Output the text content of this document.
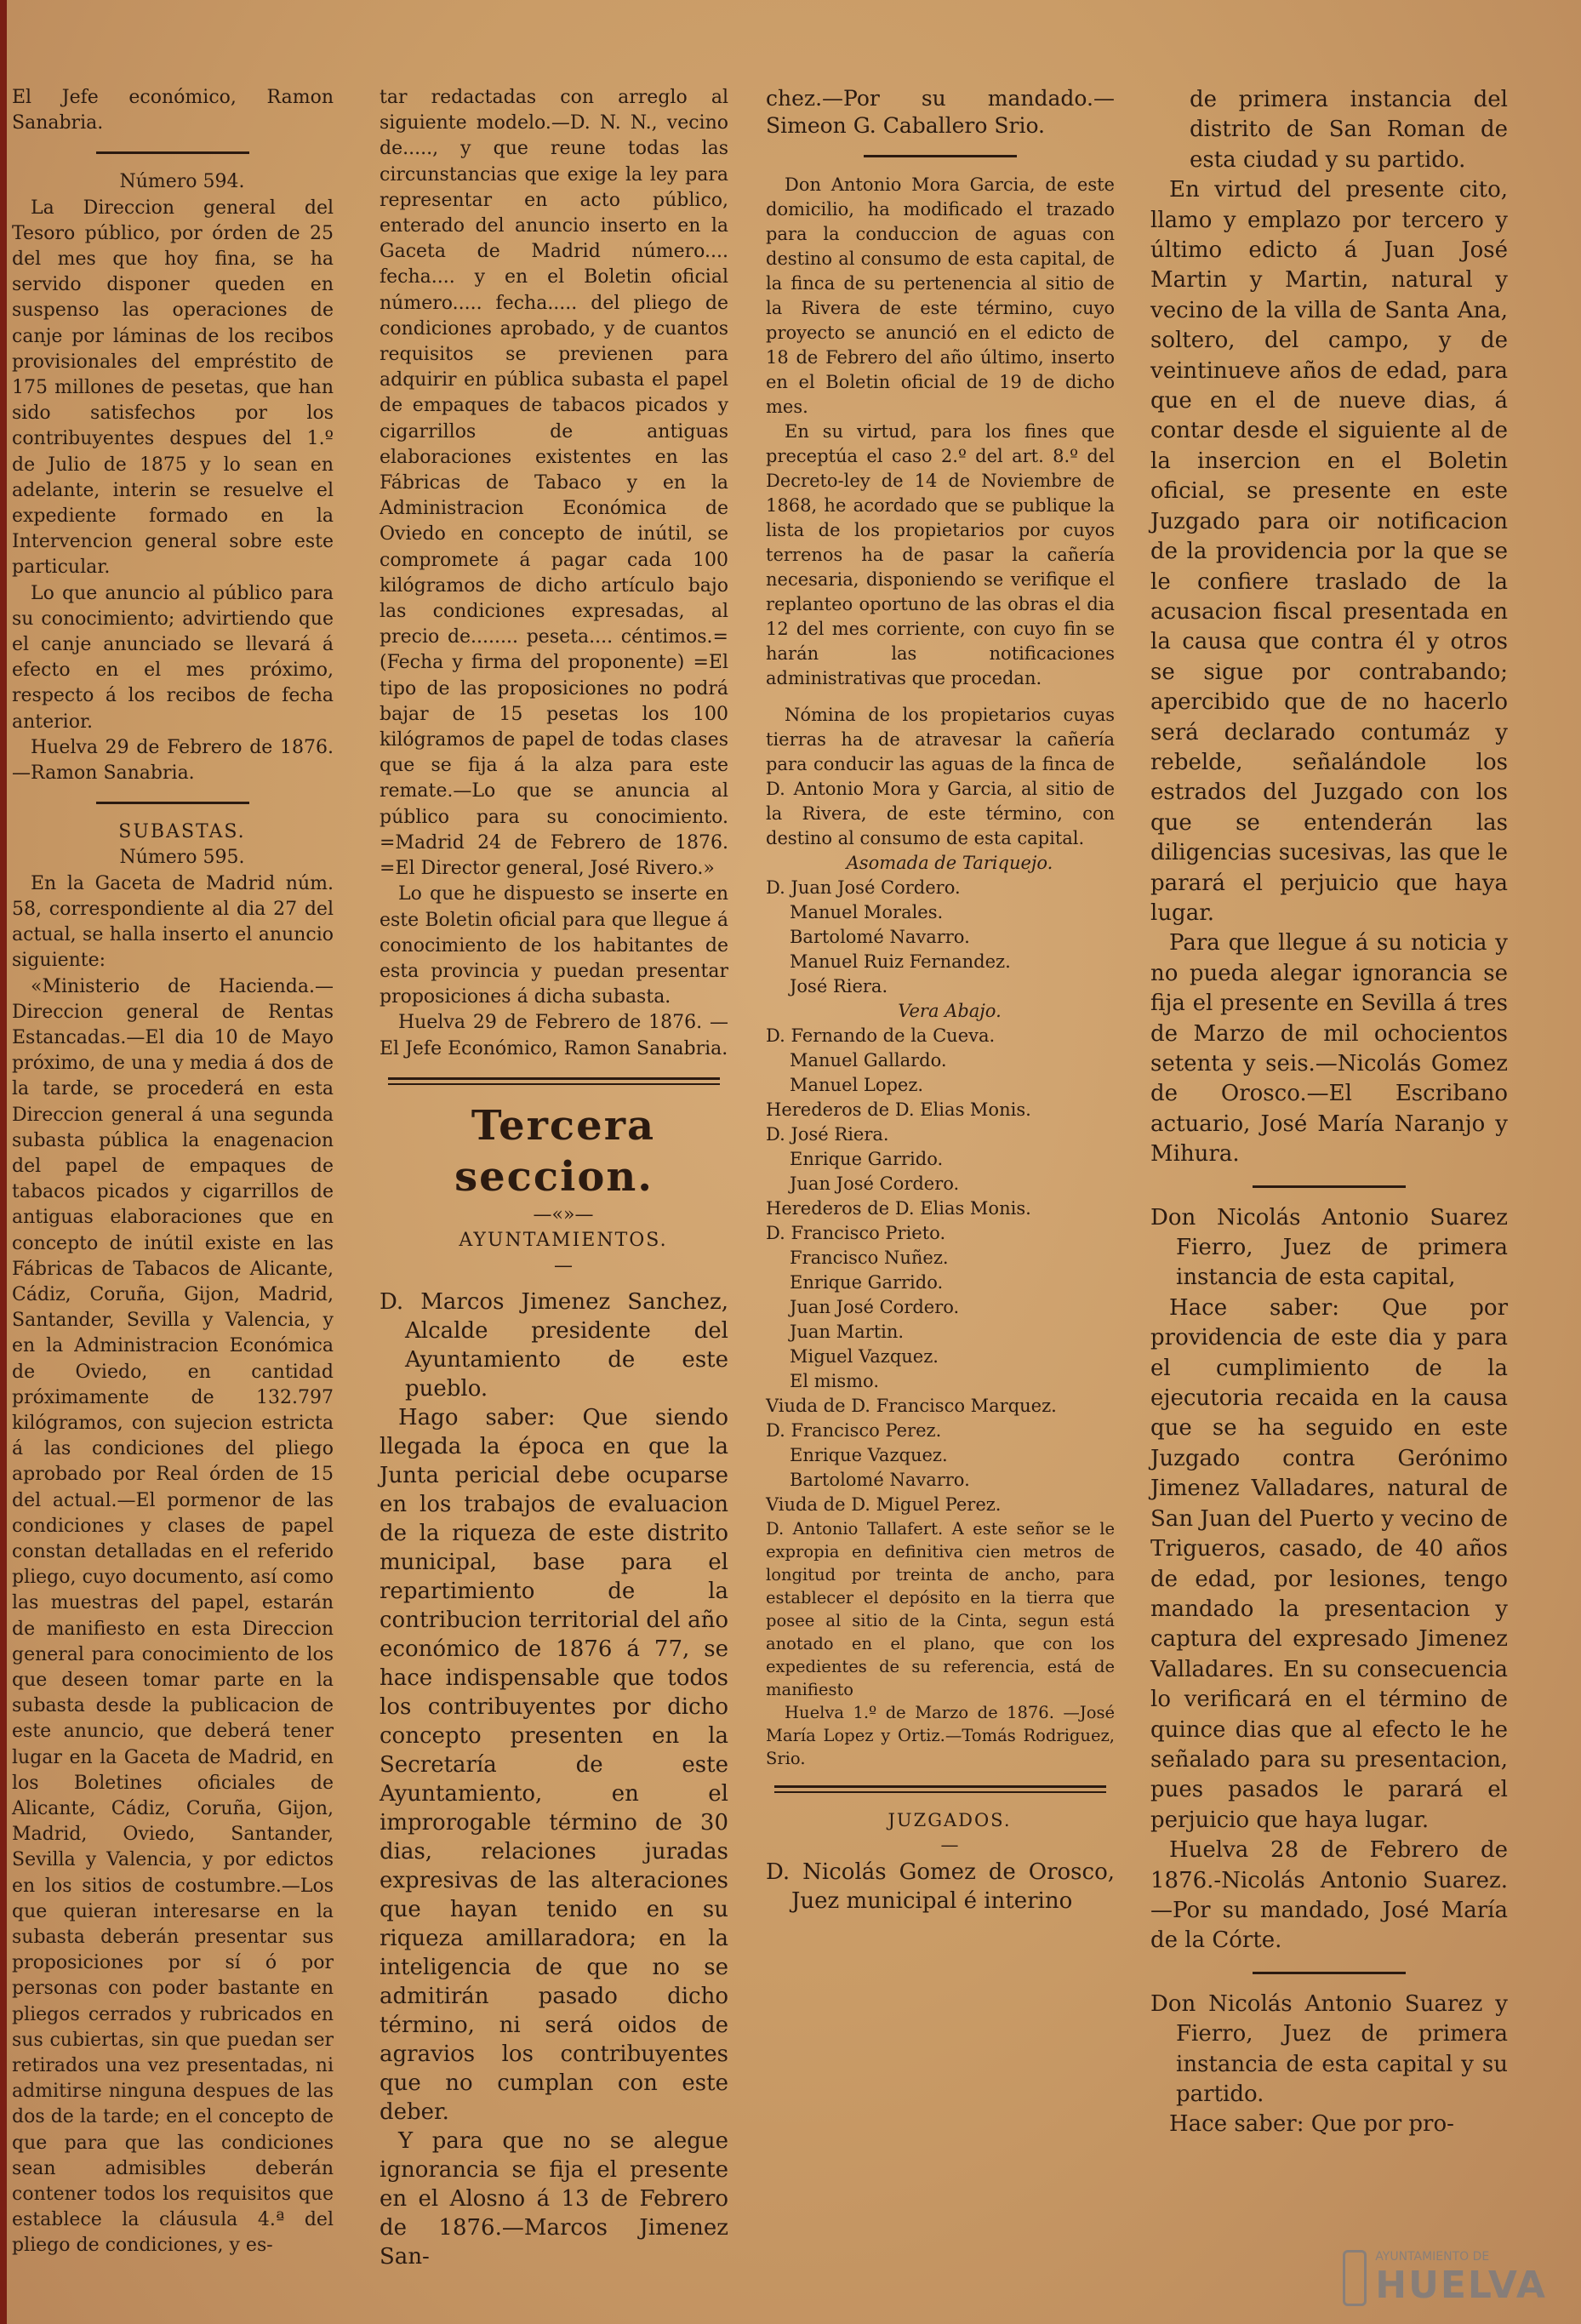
El Jefe económico, Ramon Sanabria.

Número 594.

La Direccion general del Tesoro público, por órden de 25 del mes que hoy fina, se ha servido disponer queden en suspenso las operaciones de canje por láminas de los recibos provisionales del empréstito de 175 millones de pesetas, que han sido satisfechos por los contribuyentes despues del 1.º de Julio de 1875 y lo sean en adelante, interin se resuelve el expediente formado en la Intervencion general sobre este particular.

Lo que anuncio al público para su conocimiento; advirtiendo que el canje anunciado se llevará á efecto en el mes próximo, respecto á los recibos de fecha anterior.

Huelva 29 de Febrero de 1876.—Ramon Sanabria.

SUBASTAS.

Número 595.

En la Gaceta de Madrid núm. 58, correspondiente al dia 27 del actual, se halla inserto el anuncio siguiente:

«Ministerio de Hacienda.—Direccion general de Rentas Estancadas.—El dia 10 de Mayo próximo, de una y media á dos de la tarde, se procederá en esta Direccion general á una segunda subasta pública la enagenacion del papel de empaques de tabacos picados y cigarrillos de antiguas elaboraciones que en concepto de inútil existe en las Fábricas de Tabacos de Alicante, Cádiz, Coruña, Gijon, Madrid, Santander, Sevilla y Valencia, y en la Administracion Económica de Oviedo, en cantidad próximamente de 132.797 kilógramos, con sujecion estricta á las condiciones del pliego aprobado por Real órden de 15 del actual.—El pormenor de las condiciones y clases de papel constan detalladas en el referido pliego, cuyo documento, así como las muestras del papel, estarán de manifiesto en esta Direccion general para conocimiento de los que deseen tomar parte en la subasta desde la publicacion de este anuncio, que deberá tener lugar en la Gaceta de Madrid, en los Boletines oficiales de Alicante, Cádiz, Coruña, Gijon, Madrid, Oviedo, Santander, Sevilla y Valencia, y por edictos en los sitios de costumbre.—Los que quieran interesarse en la subasta deberán presentar sus proposiciones por sí ó por personas con poder bastante en pliegos cerrados y rubricados en sus cubiertas, sin que puedan ser retirados una vez presentadas, ni admitirse ninguna despues de las dos de la tarde; en el concepto de que para que las condiciones sean admisibles deberán contener todos los requisitos que establece la cláusula 4.ª del pliego de condiciones, y es-

tar redactadas con arreglo al siguiente modelo.—D. N. N., vecino de....., y que reune todas las circunstancias que exige la ley para representar en acto público, enterado del anuncio inserto en la Gaceta de Madrid número.... fecha.... y en el Boletin oficial número..... fecha..... del pliego de condiciones aprobado, y de cuantos requisitos se previenen para adquirir en pública subasta el papel de empaques de tabacos picados y cigarrillos de antiguas elaboraciones existentes en las Fábricas de Tabaco y en la Administracion Económica de Oviedo en concepto de inútil, se compromete á pagar cada 100 kilógramos de dicho artículo bajo las condiciones expresadas, al precio de........ peseta.... céntimos.=(Fecha y firma del proponente) =El tipo de las proposiciones no podrá bajar de 15 pesetas los 100 kilógramos de papel de todas clases que se fija á la alza para este remate.—Lo que se anuncia al público para su conocimiento. =Madrid 24 de Febrero de 1876. =El Director general, José Rivero.»

Lo que he dispuesto se inserte en este Boletin oficial para que llegue á conocimiento de los habitantes de esta provincia y puedan presentar proposiciones á dicha subasta.

Huelva 29 de Febrero de 1876. —El Jefe Económico, Ramon Sanabria.

Tercera seccion.

—«»—

AYUNTAMIENTOS.

—

D. Marcos Jimenez Sanchez, Alcalde presidente del Ayuntamiento de este pueblo.

Hago saber: Que siendo llegada la época en que la Junta pericial debe ocuparse en los trabajos de evaluacion de la riqueza de este distrito municipal, base para el repartimiento de la contribucion territorial del año económico de 1876 á 77, se hace indispensable que todos los contribuyentes por dicho concepto presenten en la Secretaría de este Ayuntamiento, en el improrogable término de 30 dias, relaciones juradas expresivas de las alteraciones que hayan tenido en su riqueza amillaradora; en la inteligencia de que no se admitirán pasado dicho término, ni será oidos de agravios los contribuyentes que no cumplan con este deber.

Y para que no se alegue ignorancia se fija el presente en el Alosno á 13 de Febrero de 1876.—Marcos Jimenez San-

chez.—Por su mandado.—Simeon G. Caballero Srio.

Don Antonio Mora Garcia, de este domicilio, ha modificado el trazado para la conduccion de aguas con destino al consumo de esta capital, de la finca de su pertenencia al sitio de la Rivera de este término, cuyo proyecto se anunció en el edicto de 18 de Febrero del año último, inserto en el Boletin oficial de 19 de dicho mes.

En su virtud, para los fines que preceptúa el caso 2.º del art. 8.º del Decreto-ley de 14 de Noviembre de 1868, he acordado que se publique la lista de los propietarios por cuyos terrenos ha de pasar la cañería necesaria, disponiendo se verifique el replanteo oportuno de las obras el dia 12 del mes corriente, con cuyo fin se harán las notificaciones administrativas que procedan.

Nómina de los propietarios cuyas tierras ha de atravesar la cañería para conducir las aguas de la finca de D. Antonio Mora y Garcia, al sitio de la Rivera, de este término, con destino al consumo de esta capital.

Asomada de Tariquejo.

D. Juan José Cordero.
Manuel Morales.
Bartolomé Navarro.
Manuel Ruiz Fernandez.
José Riera.

Vera Abajo.

D. Fernando de la Cueva.
Manuel Gallardo.
Manuel Lopez.
Herederos de D. Elias Monis.
D. José Riera.
Enrique Garrido.
Juan José Cordero.
Herederos de D. Elias Monis.
D. Francisco Prieto.
Francisco Nuñez.
Enrique Garrido.
Juan José Cordero.
Juan Martin.
Miguel Vazquez.
El mismo.
Viuda de D. Francisco Marquez.
D. Francisco Perez.
Enrique Vazquez.
Bartolomé Navarro.
Viuda de D. Miguel Perez.

D. Antonio Tallafert. A este señor se le expropia en definitiva cien metros de longitud por treinta de ancho, para establecer el depósito en la tierra que posee al sitio de la Cinta, segun está anotado en el plano, que con los expedientes de su referencia, está de manifiesto

Huelva 1.º de Marzo de 1876. —José María Lopez y Ortiz.—Tomás Rodriguez, Srio.

JUZGADOS.

—

D. Nicolás Gomez de Orosco, Juez municipal é interino

de primera instancia del distrito de San Roman de esta ciudad y su partido.

En virtud del presente cito, llamo y emplazo por tercero y último edicto á Juan José Martin y Martin, natural y vecino de la villa de Santa Ana, soltero, del campo, y de veintinueve años de edad, para que en el de nueve dias, á contar desde el siguiente al de la insercion en el Boletin oficial, se presente en este Juzgado para oir notificacion de la providencia por la que se le confiere traslado de la acusacion fiscal presentada en la causa que contra él y otros se sigue por contrabando; apercibido que de no hacerlo será declarado contumáz y rebelde, señalándole los estrados del Juzgado con los que se entenderán las diligencias sucesivas, las que le parará el perjuicio que haya lugar.

Para que llegue á su noticia y no pueda alegar ignorancia se fija el presente en Sevilla á tres de Marzo de mil ochocientos setenta y seis.—Nicolás Gomez de Orosco.—El Escribano actuario, José María Naranjo y Mihura.

Don Nicolás Antonio Suarez Fierro, Juez de primera instancia de esta capital,

Hace saber: Que por providencia de este dia y para el cumplimiento de la ejecutoria recaida en la causa que se ha seguido en este Juzgado contra Gerónimo Jimenez Valladares, natural de San Juan del Puerto y vecino de Trigueros, casado, de 40 años de edad, por lesiones, tengo mandado la presentacion y captura del expresado Jimenez Valladares. En su consecuencia lo verificará en el término de quince dias que al efecto le he señalado para su presentacion, pues pasados le parará el perjuicio que haya lugar.

Huelva 28 de Febrero de 1876.-Nicolás Antonio Suarez.—Por su mandado, José María de la Córte.

Don Nicolás Antonio Suarez y Fierro, Juez de primera instancia de esta capital y su partido.

Hace saber: Que por pro-

AYUNTAMIENTO DE
HUELVA
